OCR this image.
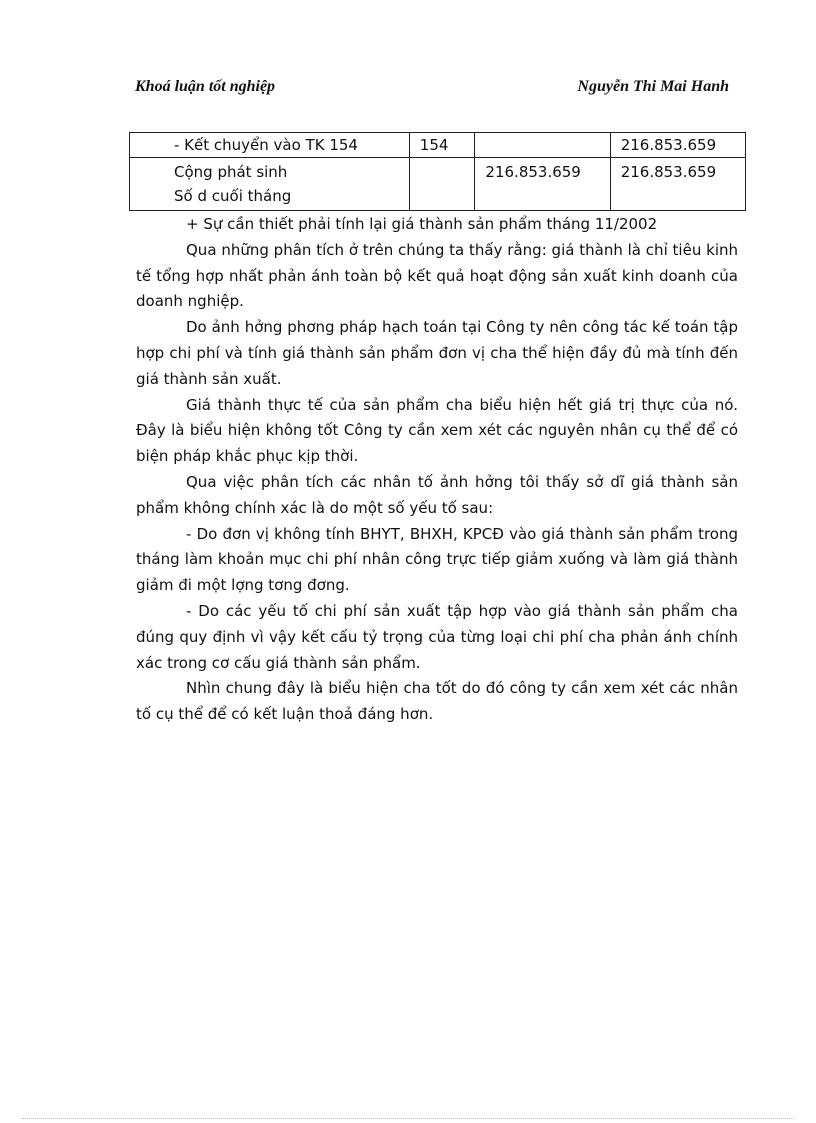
Khoá luận tốt nghiệp	Nguyễn Thi Mai Hanh
- Kết chuyển vào TK 154	154		216.853.659

Cộng phát sinh
Số d cuối tháng		216.853.659	216.853.659

+ Sự cần thiết phải tính lại giá thành sản phẩm tháng 11/2002

Qua những phân tích ở trên chúng ta thấy rằng: giá thành là chỉ tiêu kinh tế tổng hợp nhất phản ánh toàn bộ kết quả hoạt động sản xuất kinh doanh của doanh nghiệp.

Do ảnh hởng phơng pháp hạch toán tại Công ty nên công tác kế toán tập hợp chi phí và tính giá thành sản phẩm đơn vị cha thể hiện đầy đủ mà tính đến giá thành sản xuất.

Giá thành thực tế của sản phẩm cha biểu hiện hết giá trị thực của nó. Đây là biểu hiện không tốt Công ty cần xem xét các nguyên nhân cụ thể để có biện pháp khắc phục kịp thời.

Qua việc phân tích các nhân tố ảnh hởng tôi thấy sở dĩ giá thành sản phẩm không chính xác là do một số yếu tố sau:

- Do đơn vị không tính BHYT, BHXH, KPCĐ vào giá thành sản phẩm trong tháng làm khoản mục chi phí nhân công trực tiếp giảm xuống và làm giá thành giảm đi một lợng tơng đơng.

- Do các yếu tố chi phí sản xuất tập hợp vào giá thành sản phẩm cha đúng quy định vì vậy kết cấu tỷ trọng của từng loại chi phí cha phản ánh chính xác trong cơ cấu giá thành sản phẩm.

Nhìn chung đây là biểu hiện cha tốt do đó công ty cần xem xét các nhân tố cụ thể để có kết luận thoả đáng hơn.
